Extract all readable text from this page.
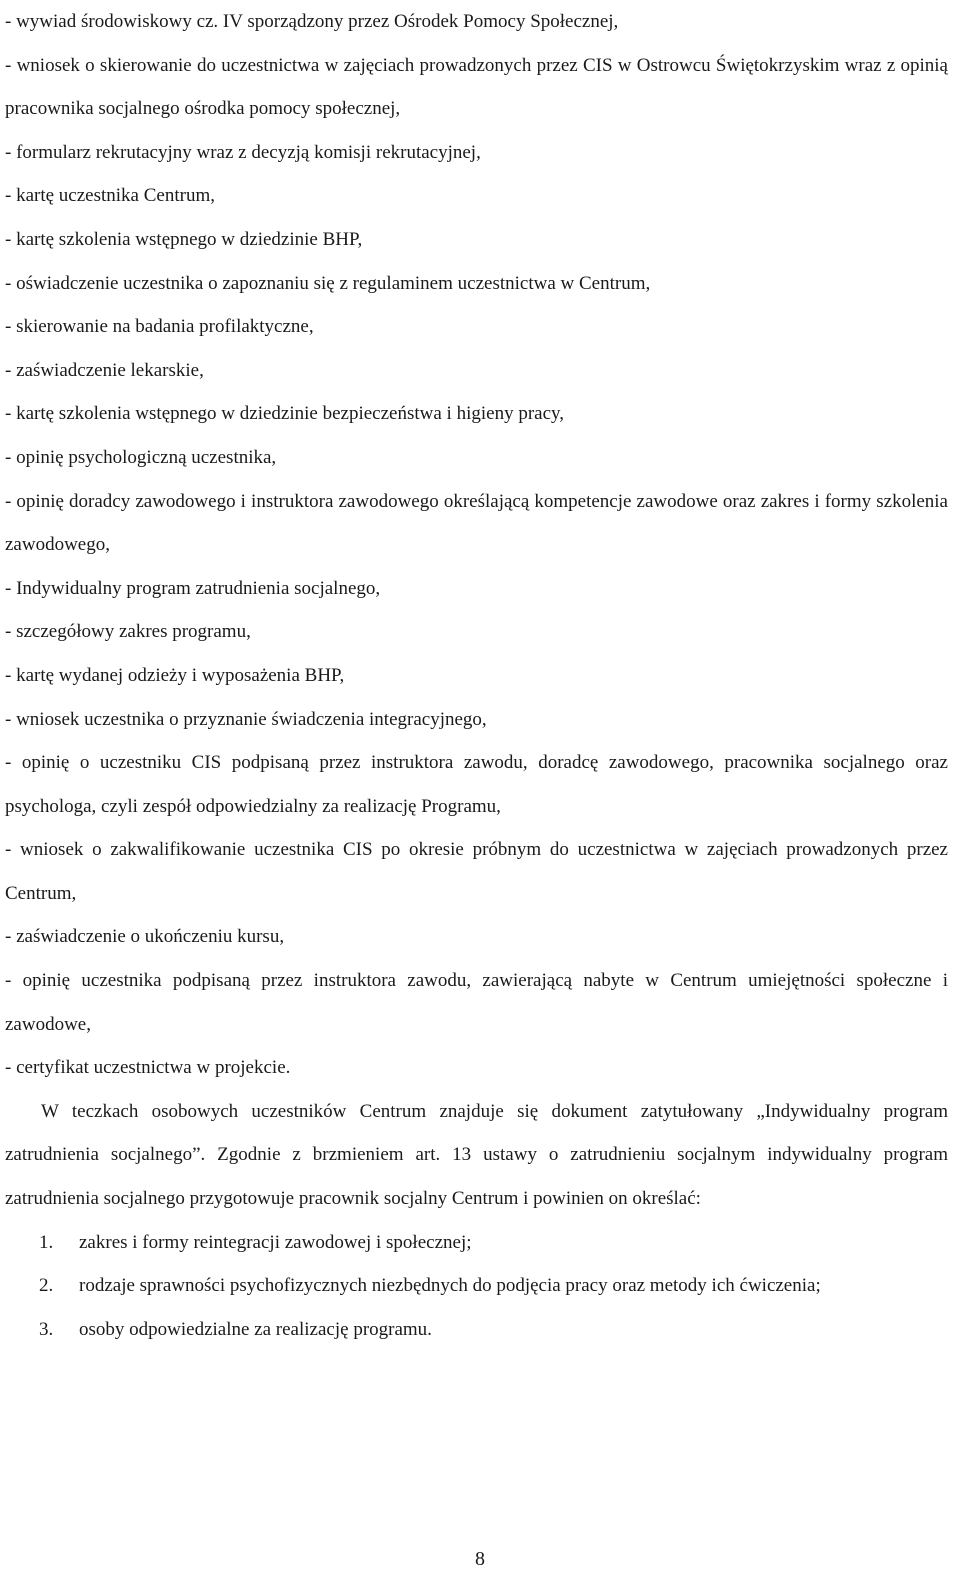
- wywiad środowiskowy cz. IV sporządzony przez Ośrodek Pomocy Społecznej,
- wniosek o skierowanie do uczestnictwa w zajęciach prowadzonych przez CIS w Ostrowcu Świętokrzyskim wraz z opinią pracownika socjalnego ośrodka pomocy społecznej,
- formularz rekrutacyjny wraz z decyzją komisji rekrutacyjnej,
- kartę uczestnika Centrum,
- kartę szkolenia wstępnego w dziedzinie BHP,
- oświadczenie uczestnika o zapoznaniu się z regulaminem uczestnictwa w Centrum,
- skierowanie na badania profilaktyczne,
- zaświadczenie lekarskie,
- kartę szkolenia wstępnego w dziedzinie bezpieczeństwa i higieny pracy,
- opinię psychologiczną uczestnika,
- opinię doradcy zawodowego i instruktora zawodowego określającą kompetencje zawodowe oraz zakres i formy szkolenia zawodowego,
- Indywidualny program zatrudnienia socjalnego,
- szczegółowy zakres programu,
- kartę wydanej odzieży i wyposażenia BHP,
- wniosek uczestnika o przyznanie świadczenia integracyjnego,
- opinię o uczestniku CIS podpisaną przez instruktora zawodu, doradcę zawodowego, pracownika socjalnego oraz psychologa, czyli zespół odpowiedzialny za realizację Programu,
- wniosek o zakwalifikowanie uczestnika CIS po okresie próbnym do uczestnictwa w zajęciach prowadzonych przez Centrum,
- zaświadczenie o ukończeniu kursu,
- opinię uczestnika podpisaną przez instruktora zawodu, zawierającą nabyte w Centrum umiejętności społeczne i zawodowe,
- certyfikat uczestnictwa w projekcie.

W teczkach osobowych uczestników Centrum znajduje się dokument zatytułowany „Indywidualny program zatrudnienia socjalnego”. Zgodnie z brzmieniem art. 13 ustawy o zatrudnieniu socjalnym indywidualny program zatrudnienia socjalnego przygotowuje pracownik socjalny Centrum i powinien on określać:

1. zakres i formy reintegracji zawodowej i społecznej;
2. rodzaje sprawności psychofizycznych niezbędnych do podjęcia pracy oraz metody ich ćwiczenia;
3. osoby odpowiedzialne za realizację programu.
8
